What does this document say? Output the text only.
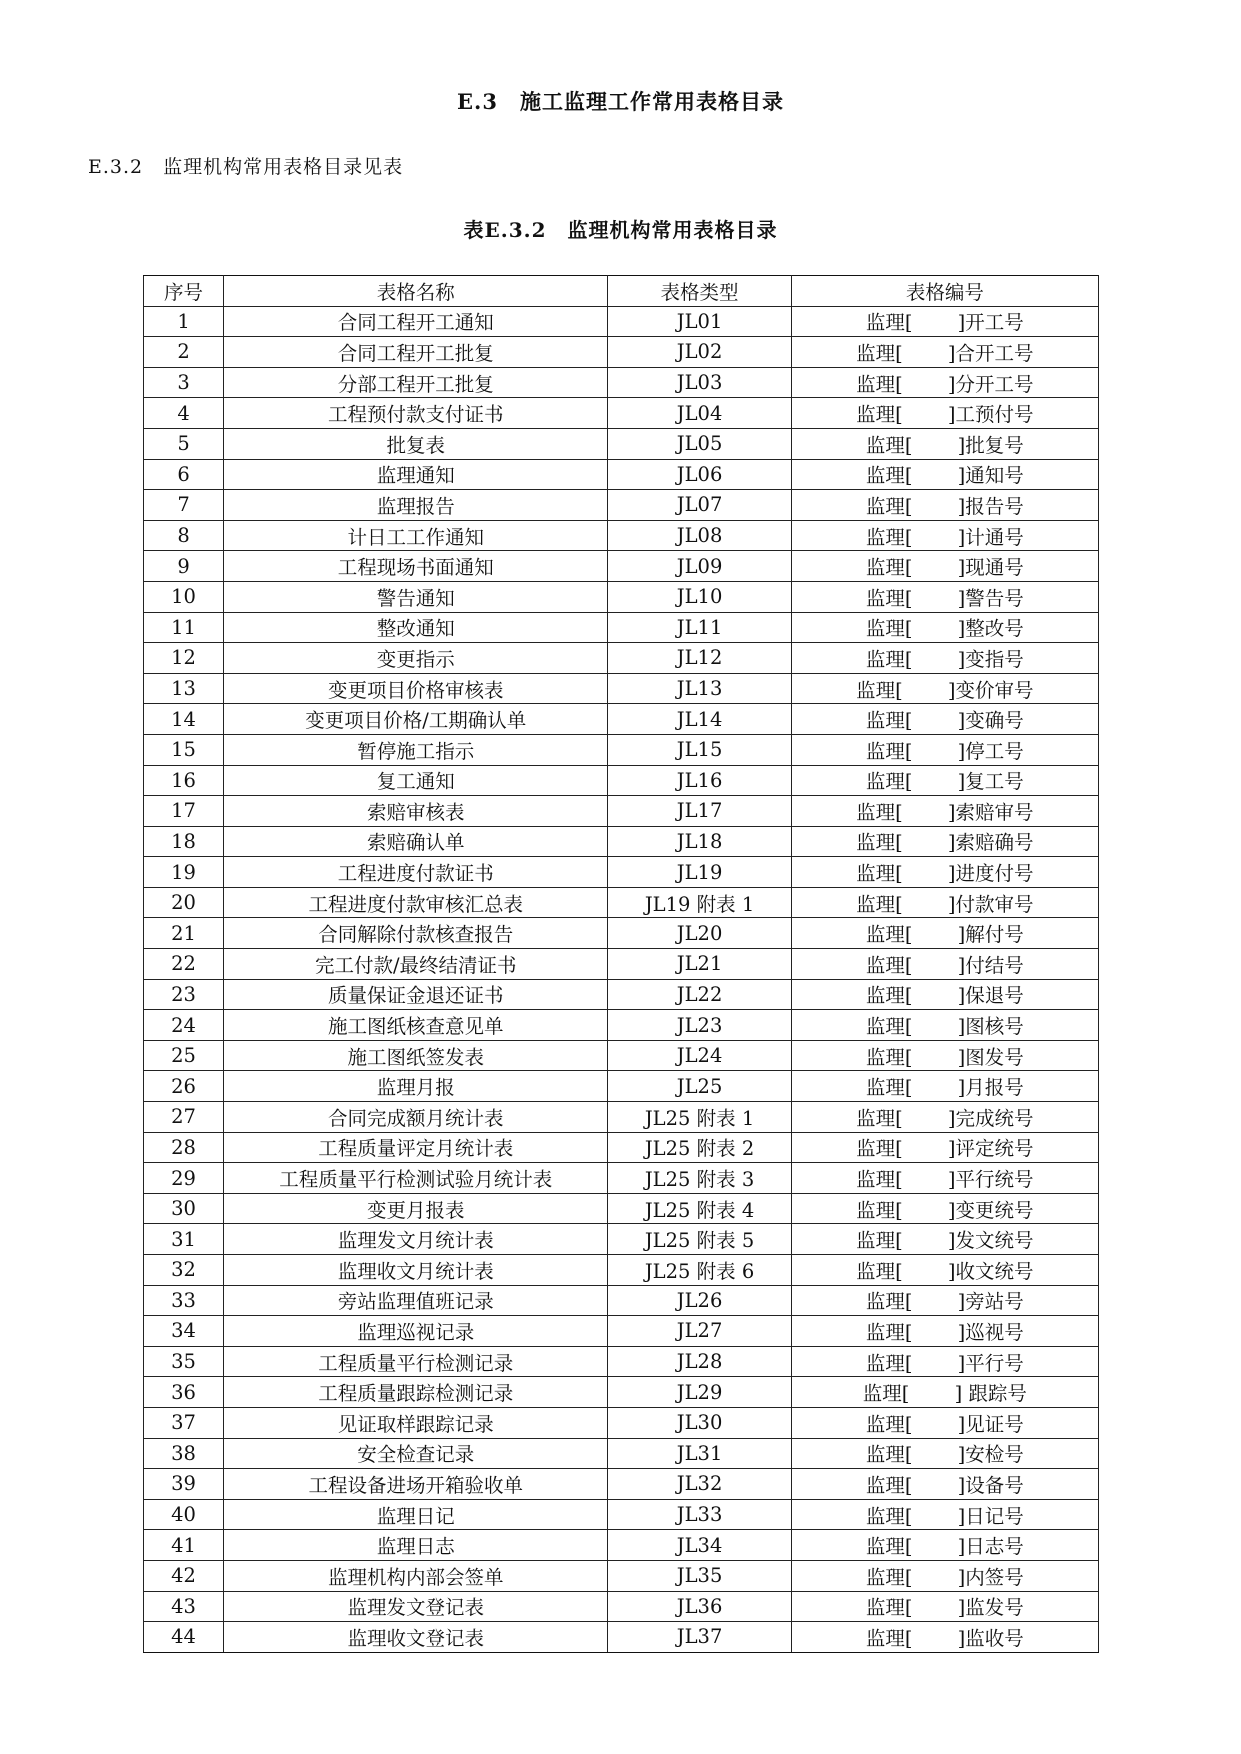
E.3　施工监理工作常用表格目录
E.3.2　监理机构常用表格目录见表
表E.3.2　监理机构常用表格目录
序号	表格名称	表格类型	表格编号
1	合同工程开工通知	JL01	监理[　　 ]开工号
2	合同工程开工批复	JL02	监理[　　 ]合开工号
3	分部工程开工批复	JL03	监理[　　 ]分开工号
4	工程预付款支付证书	JL04	监理[　　 ]工预付号
5	批复表	JL05	监理[　　 ]批复号
6	监理通知	JL06	监理[　　 ]通知号
7	监理报告	JL07	监理[　　 ]报告号
8	计日工工作通知	JL08	监理[　　 ]计通号
9	工程现场书面通知	JL09	监理[　　 ]现通号
10	警告通知	JL10	监理[　　 ]警告号
11	整改通知	JL11	监理[　　 ]整改号
12	变更指示	JL12	监理[　　 ]变指号
13	变更项目价格审核表	JL13	监理[　　 ]变价审号
14	变更项目价格/工期确认单	JL14	监理[　　 ]变确号
15	暂停施工指示	JL15	监理[　　 ]停工号
16	复工通知	JL16	监理[　　 ]复工号
17	索赔审核表	JL17	监理[　　 ]索赔审号
18	索赔确认单	JL18	监理[　　 ]索赔确号
19	工程进度付款证书	JL19	监理[　　 ]进度付号
20	工程进度付款审核汇总表	JL19 附表 1	监理[　　 ]付款审号
21	合同解除付款核查报告	JL20	监理[　　 ]解付号
22	完工付款/最终结清证书	JL21	监理[　　 ]付结号
23	质量保证金退还证书	JL22	监理[　　 ]保退号
24	施工图纸核查意见单	JL23	监理[　　 ]图核号
25	施工图纸签发表	JL24	监理[　　 ]图发号
26	监理月报	JL25	监理[　　 ]月报号
27	合同完成额月统计表	JL25 附表 1	监理[　　 ]完成统号
28	工程质量评定月统计表	JL25 附表 2	监理[　　 ]评定统号
29	工程质量平行检测试验月统计表	JL25 附表 3	监理[　　 ]平行统号
30	变更月报表	JL25 附表 4	监理[　　 ]变更统号
31	监理发文月统计表	JL25 附表 5	监理[　　 ]发文统号
32	监理收文月统计表	JL25 附表 6	监理[　　 ]收文统号
33	旁站监理值班记录	JL26	监理[　　 ]旁站号
34	监理巡视记录	JL27	监理[　　 ]巡视号
35	工程质量平行检测记录	JL28	监理[　　 ]平行号
36	工程质量跟踪检测记录	JL29	监理[　　 ] 跟踪号
37	见证取样跟踪记录	JL30	监理[　　 ]见证号
38	安全检查记录	JL31	监理[　　 ]安检号
39	工程设备进场开箱验收单	JL32	监理[　　 ]设备号
40	监理日记	JL33	监理[　　 ]日记号
41	监理日志	JL34	监理[　　 ]日志号
42	监理机构内部会签单	JL35	监理[　　 ]内签号
43	监理发文登记表	JL36	监理[　　 ]监发号
44	监理收文登记表	JL37	监理[　　 ]监收号
